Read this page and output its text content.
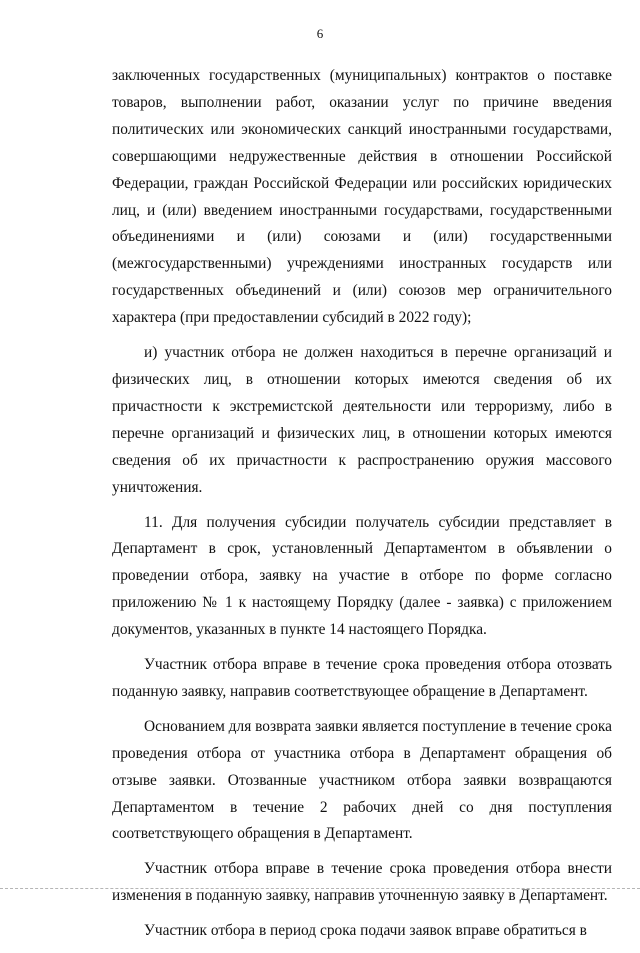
6

заключенных государственных (муниципальных) контрактов о поставке товаров, выполнении работ, оказании услуг по причине введения политических или экономических санкций иностранными государствами, совершающими недружественные действия в отношении Российской Федерации, граждан Российской Федерации или российских юридических лиц, и (или) введением иностранными государствами, государственными объединениями и (или) союзами и (или) государственными (межгосударственными) учреждениями иностранных государств или государственных объединений и (или) союзов мер ограничительного характера (при предоставлении субсидий в 2022 году);

и) участник отбора не должен находиться в перечне организаций и физических лиц, в отношении которых имеются сведения об их причастности к экстремистской деятельности или терроризму, либо в перечне организаций и физических лиц, в отношении которых имеются сведения об их причастности к распространению оружия массового уничтожения.

11. Для получения субсидии получатель субсидии представляет в Департамент в срок, установленный Департаментом в объявлении о проведении отбора, заявку на участие в отборе по форме согласно приложению № 1 к настоящему Порядку (далее - заявка) с приложением документов, указанных в пункте 14 настоящего Порядка.

Участник отбора вправе в течение срока проведения отбора отозвать поданную заявку, направив соответствующее обращение в Департамент.

Основанием для возврата заявки является поступление в течение срока проведения отбора от участника отбора в Департамент обращения об отзыве заявки. Отозванные участником отбора заявки возвращаются Департаментом в течение 2 рабочих дней со дня поступления соответствующего обращения в Департамент.

Участник отбора вправе в течение срока проведения отбора внести изменения в поданную заявку, направив уточненную заявку в Департамент.

Участник отбора в период срока подачи заявок вправе обратиться в
